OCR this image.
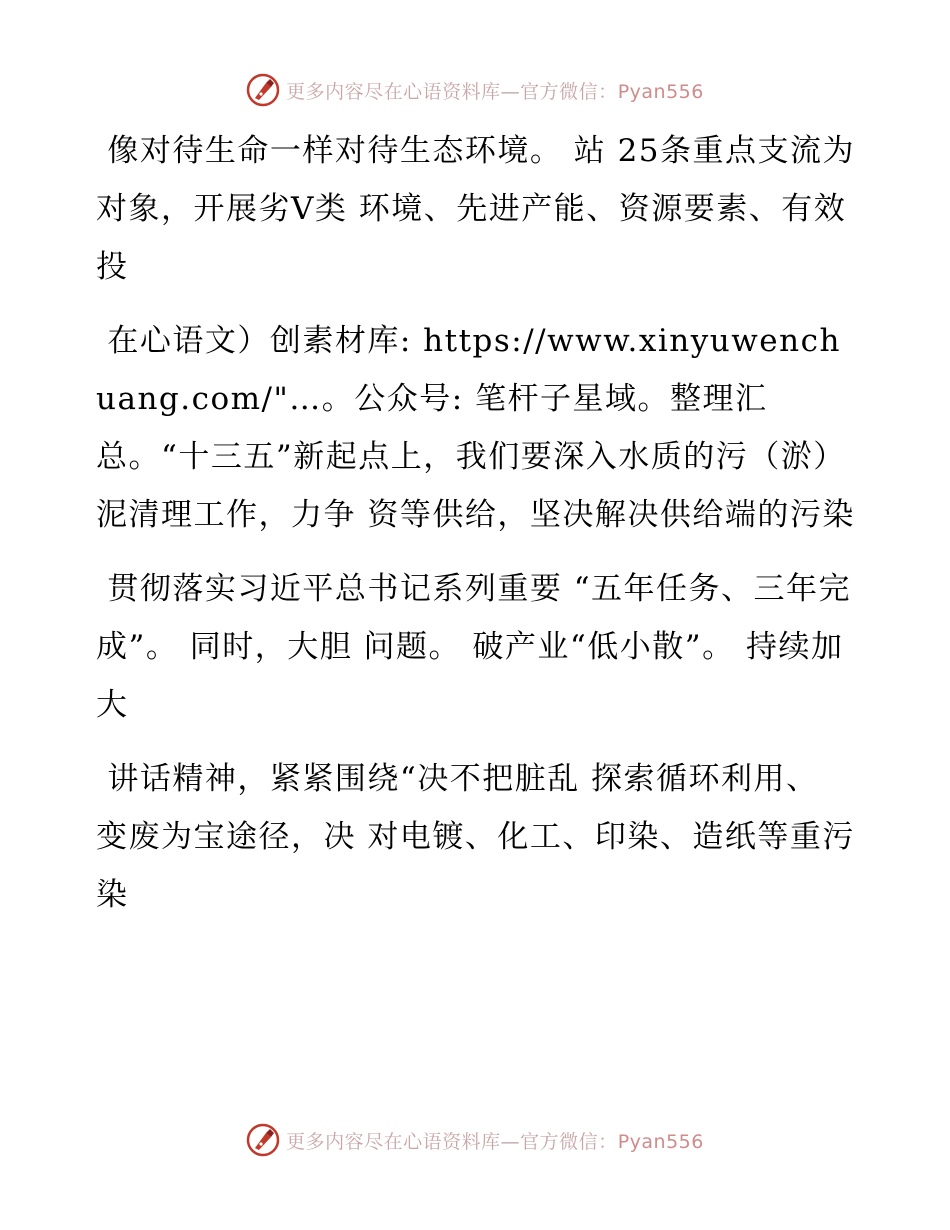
更多内容尽在心语资料库—官方微信：Pyan556

像对待生命一样对待生态环境。 站 25条重点支流为对象，开展劣Ⅴ类 环境、先进产能、资源要素、有效投

在心语文）创素材库: https://www.xinyuwenchuang.com/"…。公众号: 笔杆子星域。整理汇总。“十三五”新起点上，我们要深入水质的污（淤）泥清理工作，力争 资等供给，坚决解决供给端的污染

贯彻落实习近平总书记系列重要 “五年任务、三年完成”。 同时，大胆 问题。 破产业“低小散”。 持续加大

讲话精神，紧紧围绕“决不把脏乱 探索循环利用、 变废为宝途径，决 对电镀、化工、印染、造纸等重污染

更多内容尽在心语资料库—官方微信：Pyan556
